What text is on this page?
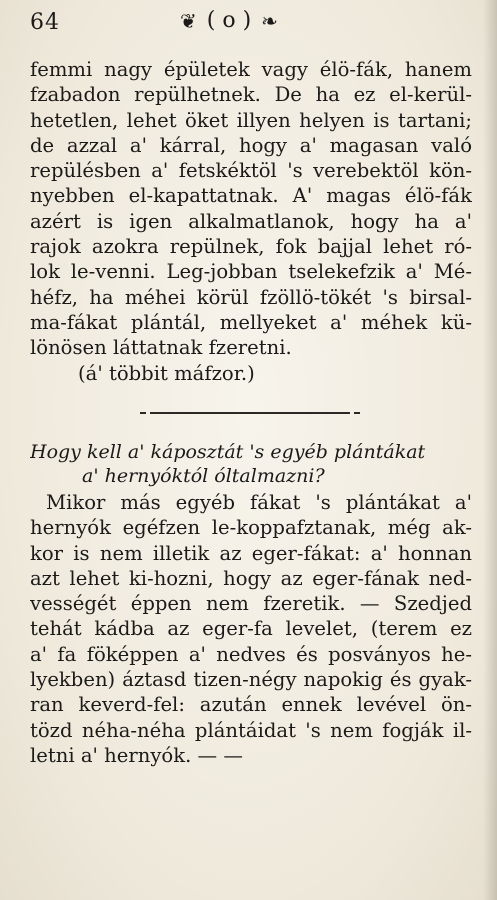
64	❦ ( o ) ❧
femmi nagy épületek vagy élö-fák, hanem
fzabadon repülhetnek. De ha ez el-kerül-
hetetlen, lehet öket illyen helyen is tartani;
de azzal a' kárral, hogy a' magasan való
repülésben a' fetskéktöl 's verebektöl kön-
nyebben el-kapattatnak. A' magas élö-fák
azért is igen alkalmatlanok, hogy ha a'
rajok azokra repülnek, fok bajjal lehet ró-
lok le-venni. Leg-jobban tselekefzik a' Mé-
héfz, ha méhei körül fzöllö-tökét 's birsal-
ma-fákat plántál, mellyeket a' méhek kü-
lönösen láttatnak fzeretni.
(á' többit máfzor.)
Hogy kell a' káposztát 's egyéb plántákat
a' hernyóktól óltalmazni?
Mikor más egyéb fákat 's plántákat a'
hernyók egéfzen le-koppafztanak, még ak-
kor is nem illetik az eger-fákat: a' honnan
azt lehet ki-hozni, hogy az eger-fának ned-
vességét éppen nem fzeretik. — Szedjed
tehát kádba az eger-fa levelet, (terem ez
a' fa föképpen a' nedves és posványos he-
lyekben) áztasd tizen-négy napokig és gyak-
ran keverd-fel: azután ennek levével ön-
tözd néha-néha plántáidat 's nem fogják il-
letni a' hernyók. — —
